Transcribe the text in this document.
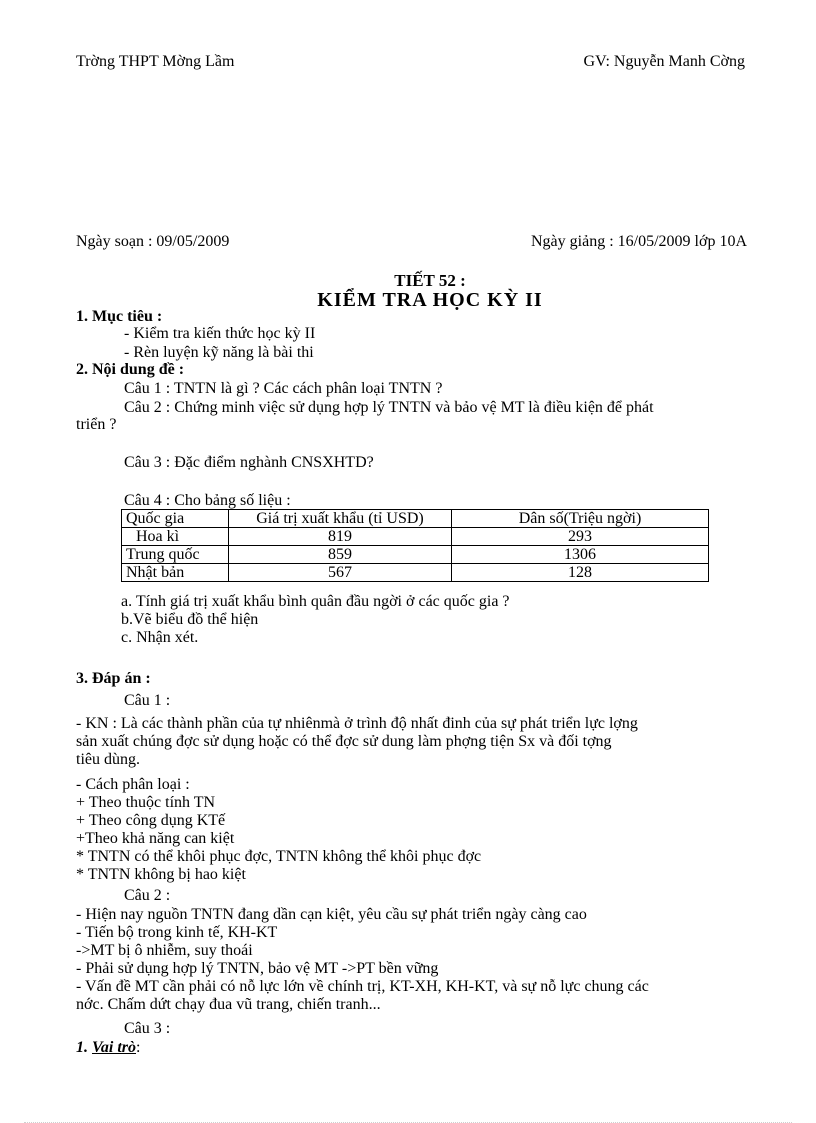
Trờng THPT Mờng Lầm	GV: Nguyễn Manh Cờng
Ngày soạn : 09/05/2009	Ngày giảng : 16/05/2009 lớp 10A
TIẾT 52 :
KIỂM TRA HỌC KỲ II
1. Mục tiêu :
- Kiểm tra kiến thức học kỳ II
- Rèn luyện kỹ năng là bài thi
2. Nội dung đề :
Câu 1 : TNTN là gì ? Các cách phân loại TNTN ?
Câu 2 : Chứng minh việc sử dụng hợp lý TNTN và bảo vệ MT là điều kiện để phát
triển ?
Câu 3 : Đặc điểm nghành CNSXHTD?
Câu 4 : Cho bảng số liệu :
Quốc gia	Giá trị xuất khẩu (tỉ USD)	Dân số(Triệu ngời)
Hoa kì	819	293
Trung quốc	859	1306
Nhật bản	567	128
a. Tính giá trị xuất khẩu bình quân đầu ngời ở các quốc gia ?
b.Vẽ biểu đồ thể hiện
c. Nhận xét.
3. Đáp án :
Câu 1 :
- KN : Là các thành phần của tự nhiênmà ở trình độ nhất đinh của sự phát triển lực lợng
sản xuất chúng đợc sử dụng hoặc có thể đợc sử dung làm phợng tiện Sx và đối tợng
tiêu dùng.
- Cách phân loại :
+ Theo thuộc tính TN
+ Theo công dụng KTế
+Theo khả năng can kiệt
* TNTN có thể khôi phục đợc, TNTN không thể khôi phục đợc
* TNTN không bị hao kiệt
Câu 2 :
- Hiện nay nguồn TNTN đang dần cạn kiệt, yêu cầu sự phát triển ngày càng cao
- Tiến bộ trong kinh tế, KH-KT
->MT bị ô nhiễm, suy thoái
- Phải sử dụng hợp lý TNTN, bảo vệ MT ->PT bền vững
- Vấn đề MT cần phải có nỗ lực lớn về chính trị, KT-XH, KH-KT, và sự nỗ lực chung các
nớc. Chấm dứt chạy đua vũ trang, chiến tranh...
Câu 3 :
1. Vai trò:
